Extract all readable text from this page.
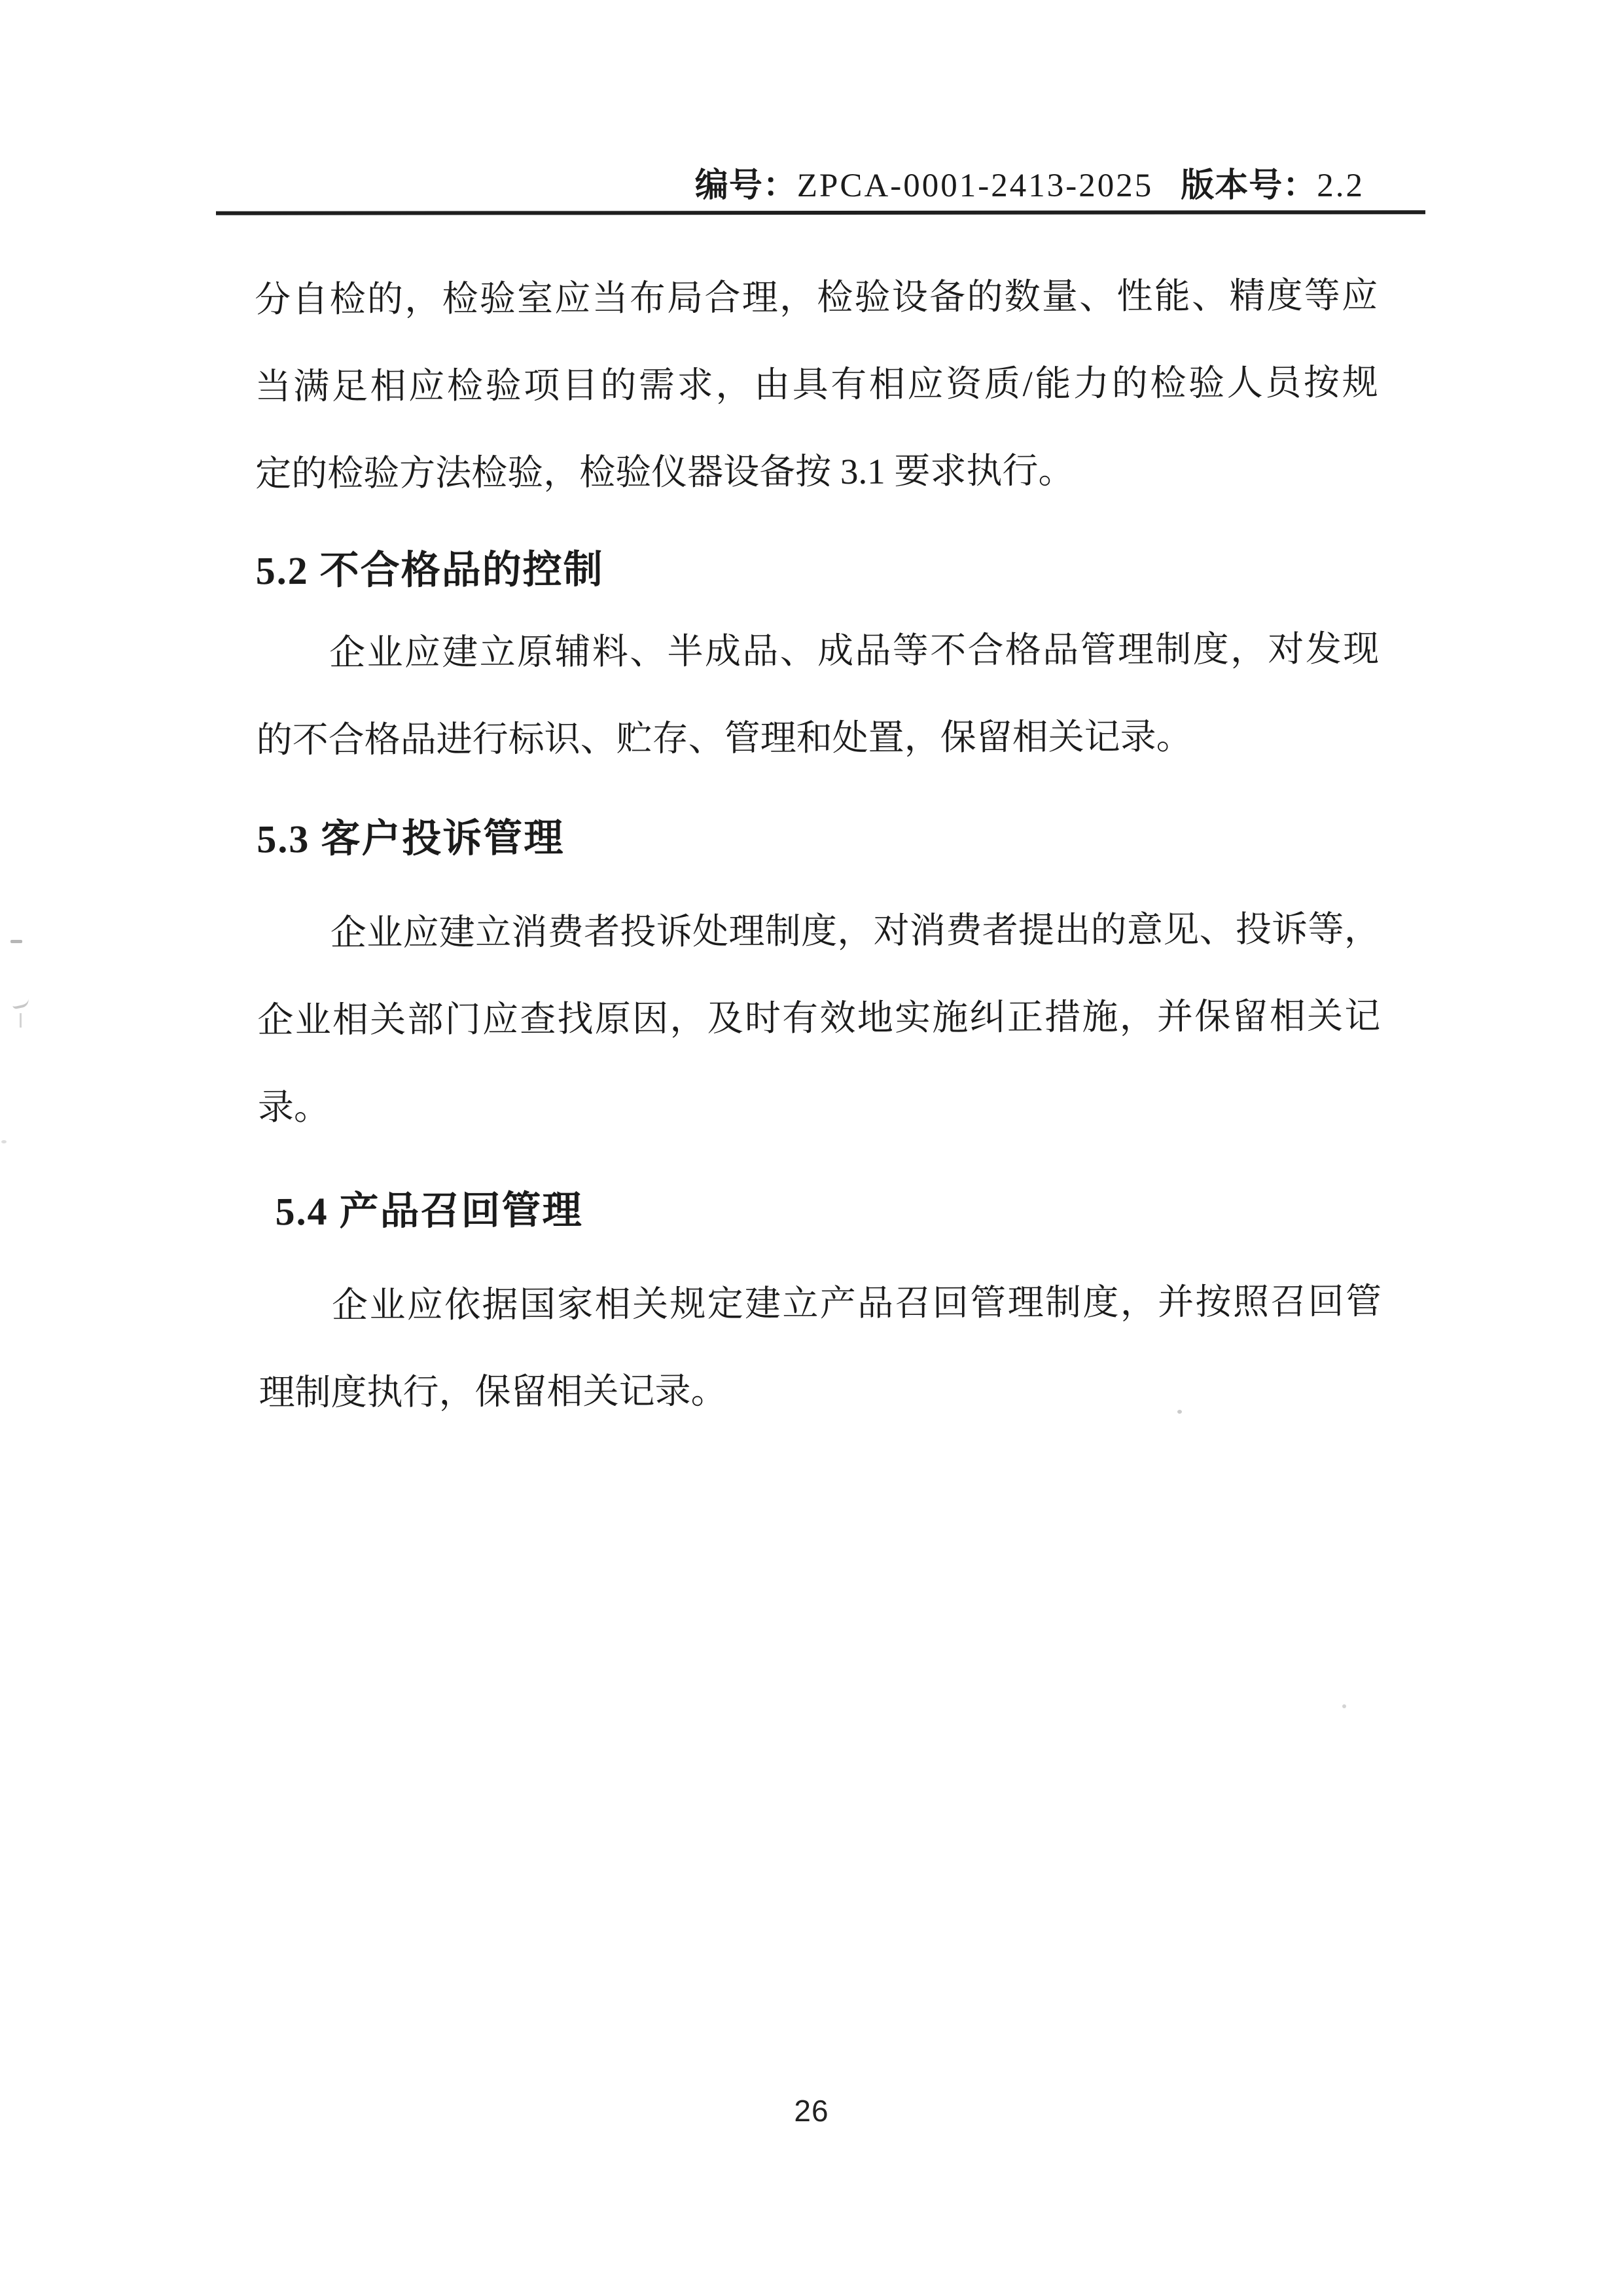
编号： ZPCA-0001-2413-2025 版本号： 2.2
分自检的，检验室应当布局合理，检验设备的数量、性能、精度等应
当满足相应检验项目的需求，由具有相应资质/能力的检验人员按规
定的检验方法检验，检验仪器设备按 3.1 要求执行。
5.2 不合格品的控制
企业应建立原辅料、半成品、成品等不合格品管理制度，对发现
的不合格品进行标识、贮存、管理和处置，保留相关记录。
5.3 客户投诉管理
企业应建立消费者投诉处理制度，对消费者提出的意见、投诉等，
企业相关部门应查找原因，及时有效地实施纠正措施，并保留相关记
录。
5.4 产品召回管理
企业应依据国家相关规定建立产品召回管理制度，并按照召回管
理制度执行，保留相关记录。
26
